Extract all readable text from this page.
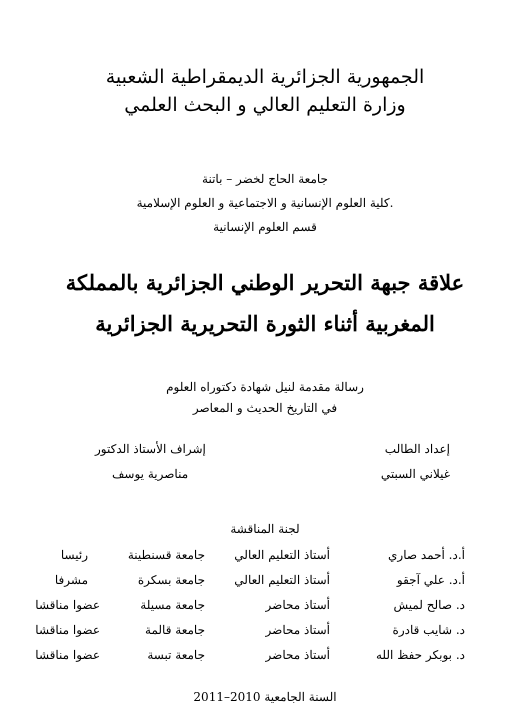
الجمهورية الجزائرية الديمقراطية الشعبية
وزارة التعليم العالي و البحث العلمي
جامعة الحاج لخضر – باتنة
.كلية العلوم الإنسانية و الاجتماعية و العلوم الإسلامية
قسم العلوم الإنسانية
علاقة جبهة التحرير الوطني الجزائرية بالمملكة
المغربية أثناء الثورة التحريرية الجزائرية
رسالة مقدمة لنيل شهادة دكتوراه العلوم
في التاريخ الحديث و المعاصر
إعداد الطالب
غيلاني السبتي
إشراف الأستاذ الدكتور
مناصرية يوسف
لجنة المناقشة
أ.د. أحمد صاري
أستاذ التعليم العالي
جامعة قسنطينة
رئيسا
أ.د. علي آجقو
أستاذ التعليم العالي
جامعة بسكرة
مشرفا
د. صالح لميش
أستاذ محاضر
جامعة مسيلة
عضوا مناقشا
د. شايب قادرة
أستاذ محاضر
جامعة قالمة
عضوا مناقشا
د. بوبكر حفظ الله
أستاذ محاضر
جامعة تبسة
عضوا مناقشا
السنة الجامعية 2010–2011
